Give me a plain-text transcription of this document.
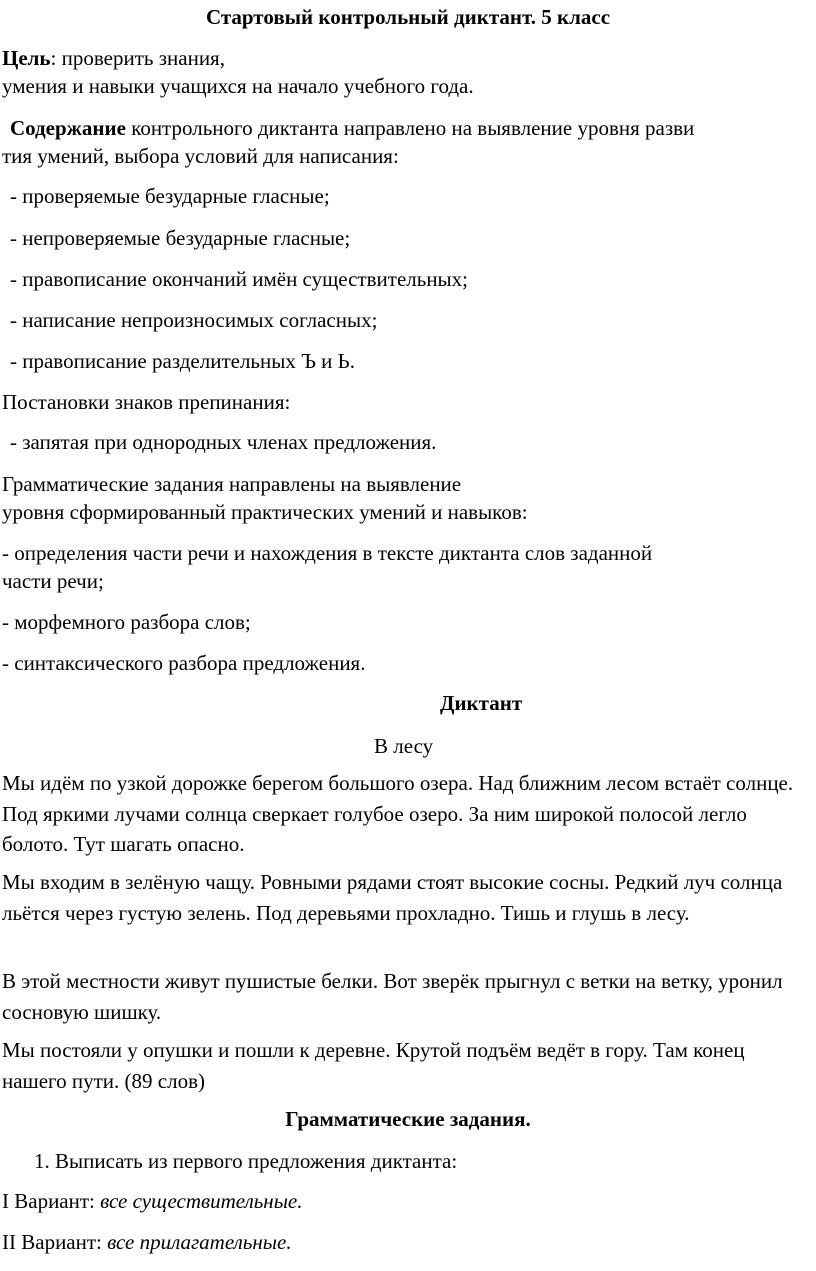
Стартовый контрольный диктант. 5 класс

Цель: проверить знания,

умения и навыки учащихся на начало учебного года.

Содержание контрольного диктанта направлено на выявление уровня разви

тия умений, выбора условий для написания:

- проверяемые безударные гласные;

- непроверяемые безударные гласные;

- правописание окончаний имён существительных;

- написание непроизносимых согласных;

- правописание разделительных Ъ и Ь.

Постановки знаков препинания:

- запятая при однородных членах предложения.

Грамматические задания направлены на выявление

уровня сформированный практических умений и навыков:

- определения части речи и нахождения в тексте диктанта слов заданной

части речи;

- морфемного разбора слов;

- синтаксического разбора предложения.

Диктант

В лесу

Мы идём по узкой дорожке берегом большого озера. Над ближним лесом встаёт солнце. Под яркими лучами солнца сверкает голубое озеро. За ним широкой полосой легло болото. Тут шагать опасно.

Мы входим в зелёную чащу. Ровными рядами стоят высокие сосны. Редкий луч солнца льётся через густую зелень. Под деревьями прохладно. Тишь и глушь в лесу.

В этой местности живут пушистые белки. Вот зверёк прыгнул с ветки на ветку, уронил сосновую шишку.

Мы постояли у опушки и пошли к деревне. Крутой подъём ведёт в гору. Там конец нашего пути. (89 слов)

Грамматические задания.

1. Выписать из первого предложения диктанта:

I Вариант: все существительные.

II Вариант: все прилагательные.
